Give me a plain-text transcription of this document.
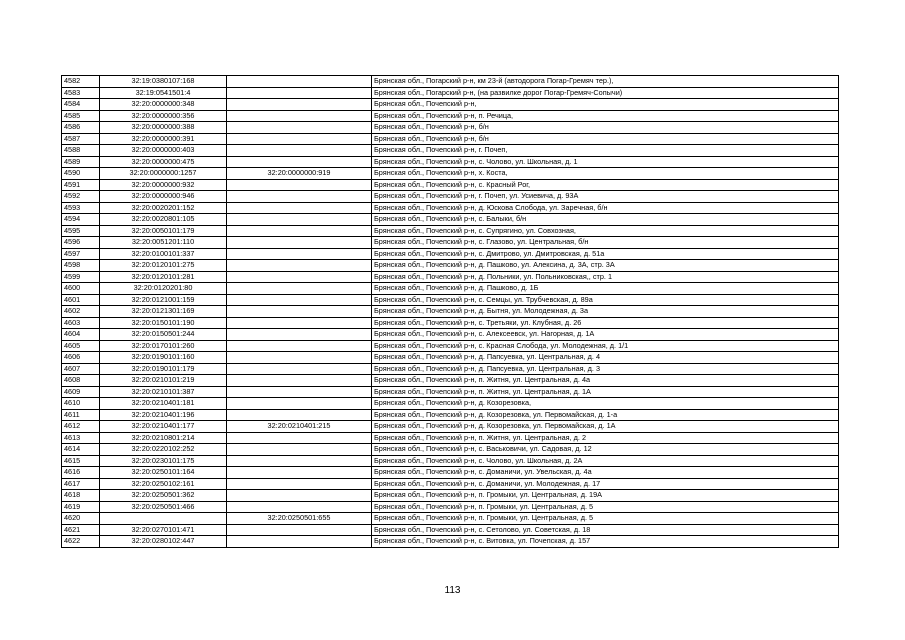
4582	32:19:0380107:168		Брянская обл., Погарский р-н, км 23-й (автодорога Погар-Гремяч тер.),
4583	32:19:0541501:4		Брянская обл., Погарский р-н, (на развилке дорог Погар-Гремяч-Сопычи)
4584	32:20:0000000:348		Брянская обл., Почепский р-н,
4585	32:20:0000000:356		Брянская обл., Почепский р-н, п. Речица,
4586	32:20:0000000:388		Брянская обл., Почепский р-н, б/н
4587	32:20:0000000:391		Брянская обл., Почепский р-н, б/н
4588	32:20:0000000:403		Брянская обл., Почепский р-н, г. Почеп,
4589	32:20:0000000:475		Брянская обл., Почепский р-н, с. Чолово, ул. Школьная, д. 1
4590	32:20:0000000:1257	32:20:0000000:919	Брянская обл., Почепский р-н, х. Коста,
4591	32:20:0000000:932		Брянская обл., Почепский р-н, с. Красный Рог,
4592	32:20:0000000:946		Брянская обл., Почепский р-н, г. Почеп, ул. Усиевича, д. 93А
4593	32:20:0020201:152		Брянская обл., Почепский р-н, д. Юскова Слобода, ул. Заречная, б/н
4594	32:20:0020801:105		Брянская обл., Почепский р-н, с. Балыки, б/н
4595	32:20:0050101:179		Брянская обл., Почепский р-н, с. Супрягино, ул. Совхозная,
4596	32:20:0051201:110		Брянская обл., Почепский р-н, с. Глазово, ул. Центральная, б/н
4597	32:20:0100101:337		Брянская обл., Почепский р-н, с. Дмитрово, ул. Дмитровская, д. 51а
4598	32:20:0120101:275		Брянская обл., Почепский р-н, д. Пашково, ул. Алексина, д. 3А, стр. 3А
4599	32:20:0120101:281		Брянская обл., Почепский р-н, д. Польники, ул. Польниковская,, стр. 1
4600	32:20:0120201:80		Брянская обл., Почепский р-н, д. Пашково, д. 1Б
4601	32:20:0121001:159		Брянская обл., Почепский р-н, с. Семцы, ул. Трубчевская, д. 89а
4602	32:20:0121301:169		Брянская обл., Почепский р-н, д. Бытня, ул. Молодежная, д. 3а
4603	32:20:0150101:190		Брянская обл., Почепский р-н, с. Третьяки, ул. Клубная, д. 26
4604	32:20:0150501:244		Брянская обл., Почепский р-н, с. Алексеевск, ул. Нагорная, д. 1А
4605	32:20:0170101:260		Брянская обл., Почепский р-н, с. Красная Слобода, ул. Молодежная, д. 1/1
4606	32:20:0190101:160		Брянская обл., Почепский р-н, д. Папсуевка, ул. Центральная, д. 4
4607	32:20:0190101:179		Брянская обл., Почепский р-н, д. Папсуевка, ул. Центральная, д. 3
4608	32:20:0210101:219		Брянская обл., Почепский р-н, п. Житня, ул. Центральная, д. 4а
4609	32:20:0210101:387		Брянская обл., Почепский р-н, п. Житня, ул. Центральная, д. 1А
4610	32:20:0210401:181		Брянская обл., Почепский р-н, д. Козорезовка,
4611	32:20:0210401:196		Брянская обл., Почепский р-н, д. Козорезовка, ул. Первомайская, д. 1-а
4612	32:20:0210401:177	32:20:0210401:215	Брянская обл., Почепский р-н, д. Козорезовка, ул. Первомайская, д. 1А
4613	32:20:0210801:214		Брянская обл., Почепский р-н, п. Житня, ул. Центральная, д. 2
4614	32:20:0220102:252		Брянская обл., Почепский р-н, с. Васьковичи, ул. Садовая, д. 12
4615	32:20:0230101:175		Брянская обл., Почепский р-н, с. Чолово, ул. Школьная, д. 2А
4616	32:20:0250101:164		Брянская обл., Почепский р-н, с. Доманичи, ул. Увельская, д. 4а
4617	32:20:0250102:161		Брянская обл., Почепский р-н, с. Доманичи, ул. Молодежная, д. 17
4618	32:20:0250501:362		Брянская обл., Почепский р-н, п. Громыки, ул. Центральная, д. 19А
4619	32:20:0250501:466		Брянская обл., Почепский р-н, п. Громыки, ул. Центральная, д. 5
4620		32:20:0250501:655	Брянская обл., Почепский р-н, п. Громыки, ул. Центральная, д. 5
4621	32:20:0270101:471		Брянская обл., Почепский р-н, с. Сетолово, ул. Советская, д. 18
4622	32:20:0280102:447		Брянская обл., Почепский р-н, с. Витовка, ул. Почепская, д. 157
113
